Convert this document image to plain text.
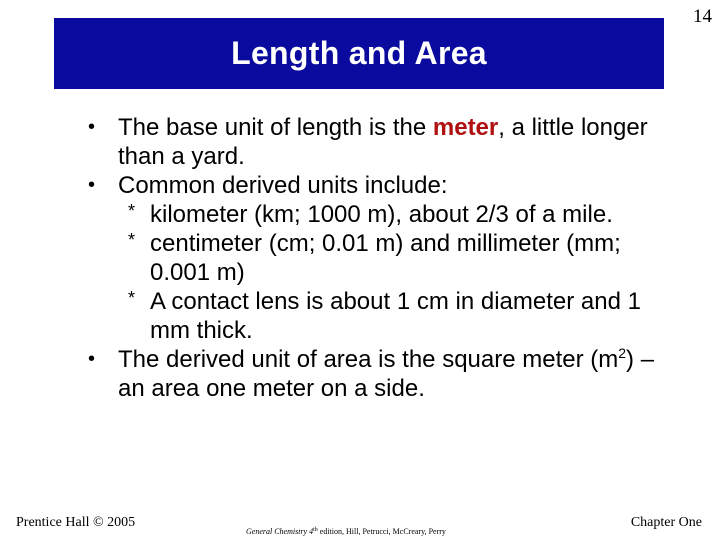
14
Length and Area
• The base unit of length is the meter, a little longer than a yard.
• Common derived units include:
* kilometer (km; 1000 m), about 2/3 of a mile.
* centimeter (cm; 0.01 m) and millimeter (mm; 0.001 m)
* A contact lens is about 1 cm in diameter and 1 mm thick.
• The derived unit of area is the square meter $(m^2)$ – an area one meter on a side.
Prentice Hall © 2005
General Chemistry 4th edition, Hill, Petrucci, McCreary, Perry
Chapter One
